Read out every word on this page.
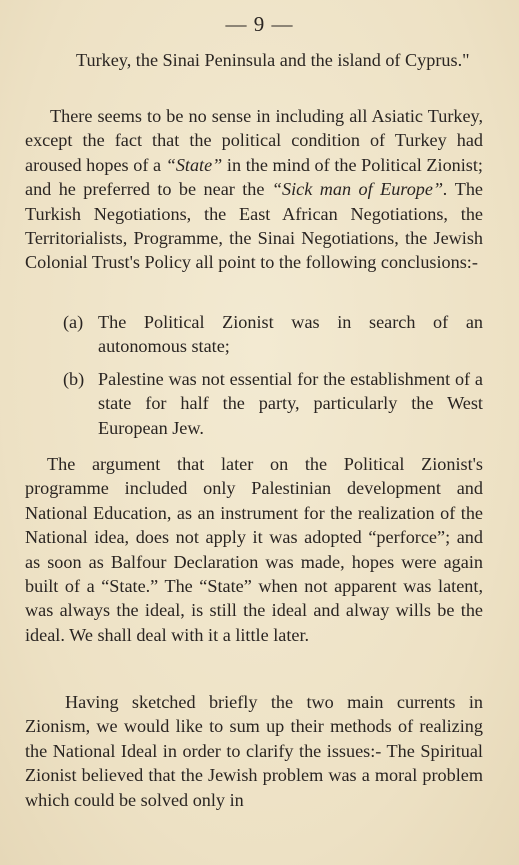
— 9 —
Turkey, the Sinai Peninsula and the island of Cyprus."
There seems to be no sense in including all Asiatic Turkey, except the fact that the political condition of Turkey had aroused hopes of a “State” in the mind of the Political Zionist; and he preferred to be near the “Sick man of Europe”. The Turkish Negotiations, the East African Negotiations, the Territorialists, Programme, the Sinai Negotiations, the Jewish Colonial Trust's Policy all point to the following conclusions:-
(a) The Political Zionist was in search of an autonomous state;
(b) Palestine was not essential for the establishment of a state for half the party, particularly the West European Jew.
The argument that later on the Political Zionist's programme included only Palestinian development and National Education, as an instrument for the realization of the National idea, does not apply it was adopted “perforce”; and as soon as Balfour Declaration was made, hopes were again built of a “State.” The “State” when not apparent was latent, was always the ideal, is still the ideal and alway wills be the ideal. We shall deal with it a little later.
Having sketched briefly the two main currents in Zionism, we would like to sum up their methods of realizing the National Ideal in order to clarify the issues:- The Spiritual Zionist believed that the Jewish problem was a moral problem which could be solved only in
